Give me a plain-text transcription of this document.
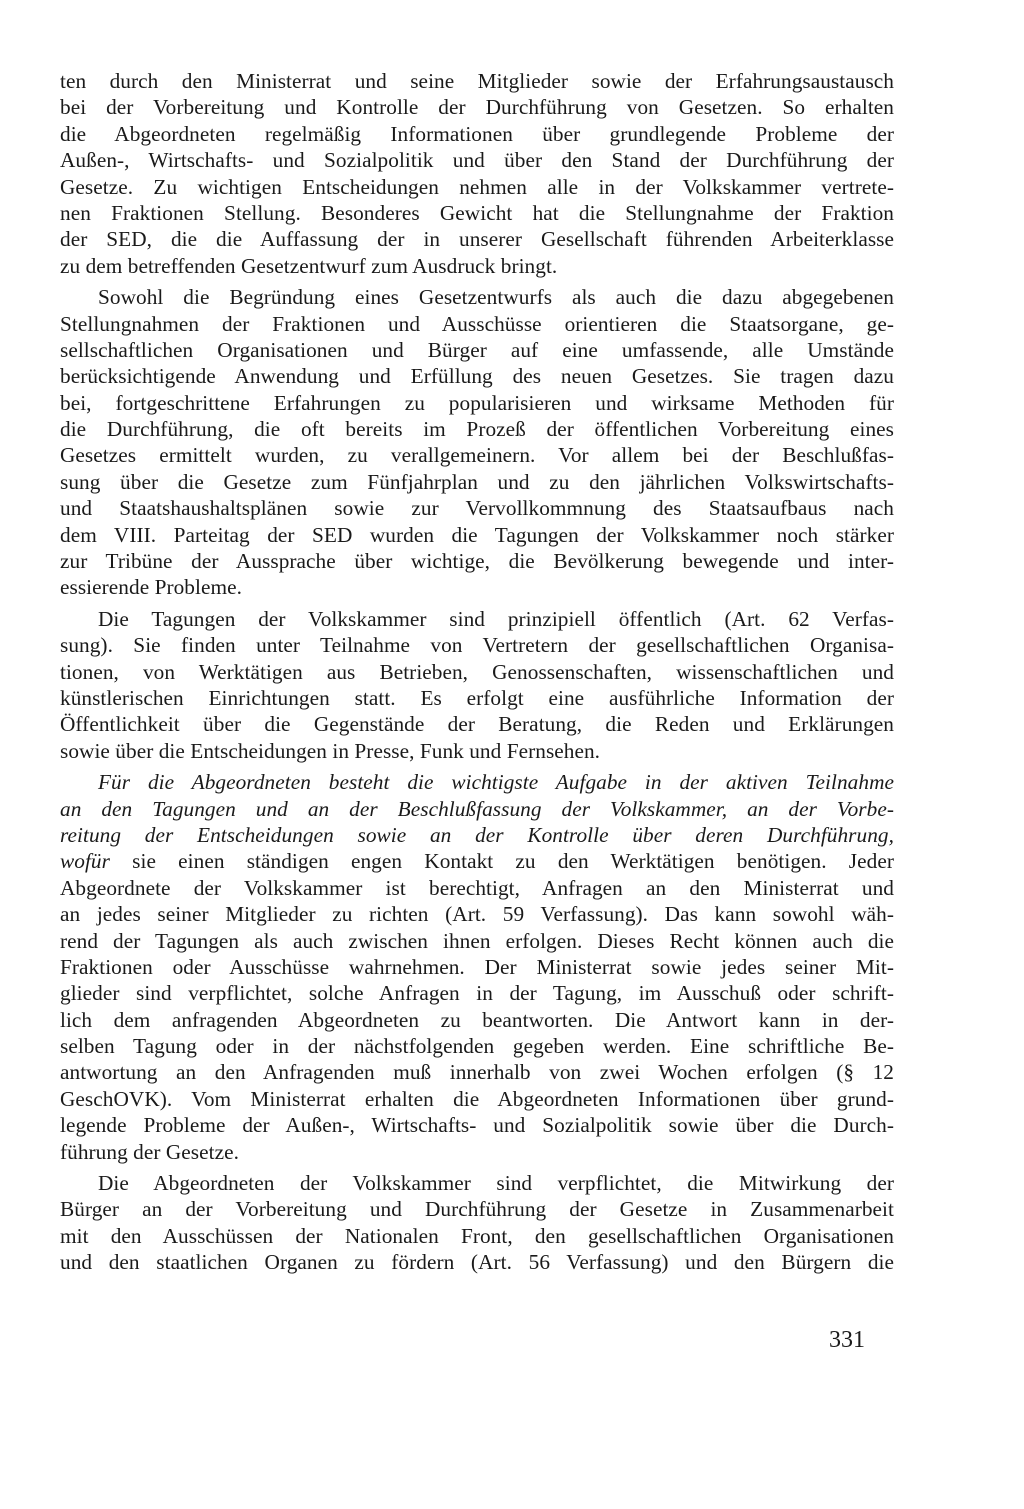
ten durch den Ministerrat und seine Mitglieder sowie der Erfahrungsaustausch
bei der Vorbereitung und Kontrolle der Durchführung von Gesetzen. So erhalten
die Abgeordneten regelmäßig Informationen über grundlegende Probleme der
Außen-, Wirtschafts- und Sozialpolitik und über den Stand der Durchführung der
Gesetze. Zu wichtigen Entscheidungen nehmen alle in der Volkskammer vertrete-
nen Fraktionen Stellung. Besonderes Gewicht hat die Stellungnahme der Fraktion
der SED, die die Auffassung der in unserer Gesellschaft führenden Arbeiterklasse
zu dem betreffenden Gesetzentwurf zum Ausdruck bringt.
Sowohl die Begründung eines Gesetzentwurfs als auch die dazu abgegebenen
Stellungnahmen der Fraktionen und Ausschüsse orientieren die Staatsorgane, ge-
sellschaftlichen Organisationen und Bürger auf eine umfassende, alle Umstände
berücksichtigende Anwendung und Erfüllung des neuen Gesetzes. Sie tragen dazu
bei, fortgeschrittene Erfahrungen zu popularisieren und wirksame Methoden für
die Durchführung, die oft bereits im Prozeß der öffentlichen Vorbereitung eines
Gesetzes ermittelt wurden, zu verallgemeinern. Vor allem bei der Beschlußfas-
sung über die Gesetze zum Fünfjahrplan und zu den jährlichen Volkswirtschafts-
und Staatshaushaltsplänen sowie zur Vervollkommnung des Staatsaufbaus nach
dem VIII. Parteitag der SED wurden die Tagungen der Volkskammer noch stärker
zur Tribüne der Aussprache über wichtige, die Bevölkerung bewegende und inter-
essierende Probleme.
Die Tagungen der Volkskammer sind prinzipiell öffentlich (Art. 62 Verfas-
sung). Sie finden unter Teilnahme von Vertretern der gesellschaftlichen Organisa-
tionen, von Werktätigen aus Betrieben, Genossenschaften, wissenschaftlichen und
künstlerischen Einrichtungen statt. Es erfolgt eine ausführliche Information der
Öffentlichkeit über die Gegenstände der Beratung, die Reden und Erklärungen
sowie über die Entscheidungen in Presse, Funk und Fernsehen.
Für die Abgeordneten besteht die wichtigste Aufgabe in der aktiven Teilnahme
an den Tagungen und an der Beschlußfassung der Volkskammer, an der Vorbe-
reitung der Entscheidungen sowie an der Kontrolle über deren Durchführung,
wofür sie einen ständigen engen Kontakt zu den Werktätigen benötigen. Jeder
Abgeordnete der Volkskammer ist berechtigt, Anfragen an den Ministerrat und
an jedes seiner Mitglieder zu richten (Art. 59 Verfassung). Das kann sowohl wäh-
rend der Tagungen als auch zwischen ihnen erfolgen. Dieses Recht können auch die
Fraktionen oder Ausschüsse wahrnehmen. Der Ministerrat sowie jedes seiner Mit-
glieder sind verpflichtet, solche Anfragen in der Tagung, im Ausschuß oder schrift-
lich dem anfragenden Abgeordneten zu beantworten. Die Antwort kann in der-
selben Tagung oder in der nächstfolgenden gegeben werden. Eine schriftliche Be-
antwortung an den Anfragenden muß innerhalb von zwei Wochen erfolgen (§ 12
GeschOVK). Vom Ministerrat erhalten die Abgeordneten Informationen über grund-
legende Probleme der Außen-, Wirtschafts- und Sozialpolitik sowie über die Durch-
führung der Gesetze.
Die Abgeordneten der Volkskammer sind verpflichtet, die Mitwirkung der
Bürger an der Vorbereitung und Durchführung der Gesetze in Zusammenarbeit
mit den Ausschüssen der Nationalen Front, den gesellschaftlichen Organisationen
und den staatlichen Organen zu fördern (Art. 56 Verfassung) und den Bürgern die
331
